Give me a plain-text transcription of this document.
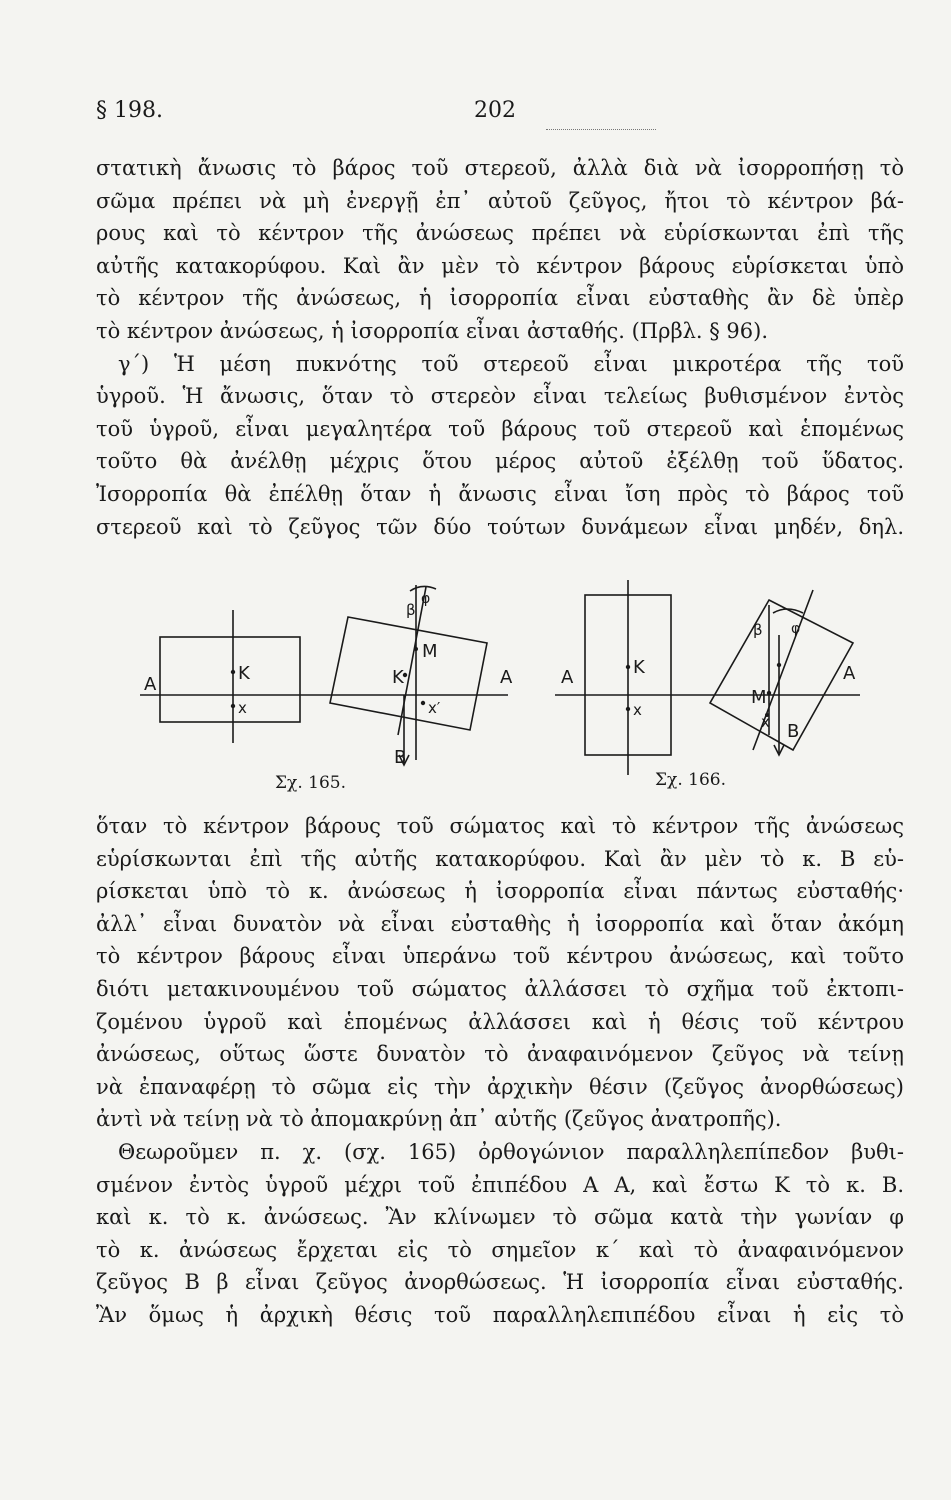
§ 198.	202
στατικὴ ἄνωσις τὸ βάρος τοῦ στερεοῦ, ἀλλὰ διὰ νὰ ἰσορροπήσῃ τὸ
σῶμα πρέπει νὰ μὴ ἐνεργῇ ἐπ᾽ αὐτοῦ ζεῦγος, ἤτοι τὸ κέντρον βά-
ρους καὶ τὸ κέντρον τῆς ἀνώσεως πρέπει νὰ εὑρίσκωνται ἐπὶ τῆς
αὐτῆς κατακορύφου. Καὶ ἂν μὲν τὸ κέντρον βάρους εὑρίσκεται ὑπὸ
τὸ κέντρον τῆς ἀνώσεως, ἡ ἰσορροπία εἶναι εὐσταθὴς ἂν δὲ ὑπὲρ
τὸ κέντρον ἀνώσεως, ἡ ἰσορροπία εἶναι ἀσταθής. (Πρβλ. § 96).
γ΄) Ἡ μέση πυκνότης τοῦ στερεοῦ εἶναι μικροτέρα τῆς τοῦ
ὑγροῦ. Ἡ ἄνωσις, ὅταν τὸ στερεὸν εἶναι τελείως βυθισμένον ἐντὸς
τοῦ ὑγροῦ, εἶναι μεγαλητέρα τοῦ βάρους τοῦ στερεοῦ καὶ ἑπομένως
τοῦτο θὰ ἀνέλθῃ μέχρις ὅτου μέρος αὐτοῦ ἐξέλθῃ τοῦ ὕδατος.
Ἰσορροπία θὰ ἐπέλθῃ ὅταν ἡ ἄνωσις εἶναι ἴση πρὸς τὸ βάρος τοῦ
στερεοῦ καὶ τὸ ζεῦγος τῶν δύο τούτων δυνάμεων εἶναι μηδέν, δηλ.
A
K
x
K
x′
M
β
φ
A
B
Σχ. 165.
A	K
x
M
x
β φ
A
B
Σχ. 166.
ὅταν τὸ κέντρον βάρους τοῦ σώματος καὶ τὸ κέντρον τῆς ἀνώσεως
εὑρίσκωνται ἐπὶ τῆς αὐτῆς κατακορύφου. Καὶ ἂν μὲν τὸ κ. Β εὑ-
ρίσκεται ὑπὸ τὸ κ. ἀνώσεως ἡ ἰσορροπία εἶναι πάντως εὐσταθής·
ἀλλ᾽ εἶναι δυνατὸν νὰ εἶναι εὐσταθὴς ἡ ἰσορροπία καὶ ὅταν ἀκόμη
τὸ κέντρον βάρους εἶναι ὑπεράνω τοῦ κέντρου ἀνώσεως, καὶ τοῦτο
διότι μετακινουμένου τοῦ σώματος ἀλλάσσει τὸ σχῆμα τοῦ ἐκτοπι-
ζομένου ὑγροῦ καὶ ἑπομένως ἀλλάσσει καὶ ἡ θέσις τοῦ κέντρου
ἀνώσεως, οὕτως ὥστε δυνατὸν τὸ ἀναφαινόμενον ζεῦγος νὰ τείνῃ
νὰ ἐπαναφέρῃ τὸ σῶμα εἰς τὴν ἀρχικὴν θέσιν (ζεῦγος ἀνορθώσεως)
ἀντὶ νὰ τείνῃ νὰ τὸ ἀπομακρύνῃ ἀπ᾽ αὐτῆς (ζεῦγος ἀνατροπῆς).
Θεωροῦμεν π. χ. (σχ. 165) ὀρθογώνιον παραλληλεπίπεδον βυθι-
σμένον ἐντὸς ὑγροῦ μέχρι τοῦ ἐπιπέδου Α Α, καὶ ἔστω Κ τὸ κ. Β.
καὶ κ. τὸ κ. ἀνώσεως. Ἂν κλίνωμεν τὸ σῶμα κατὰ τὴν γωνίαν φ
τὸ κ. ἀνώσεως ἔρχεται εἰς τὸ σημεῖον κ΄ καὶ τὸ ἀναφαινόμενον
ζεῦγος Β β εἶναι ζεῦγος ἀνορθώσεως. Ἡ ἰσορροπία εἶναι εὐσταθής.
Ἂν ὅμως ἡ ἀρχικὴ θέσις τοῦ παραλληλεπιπέδου εἶναι ἡ εἰς τὸ
